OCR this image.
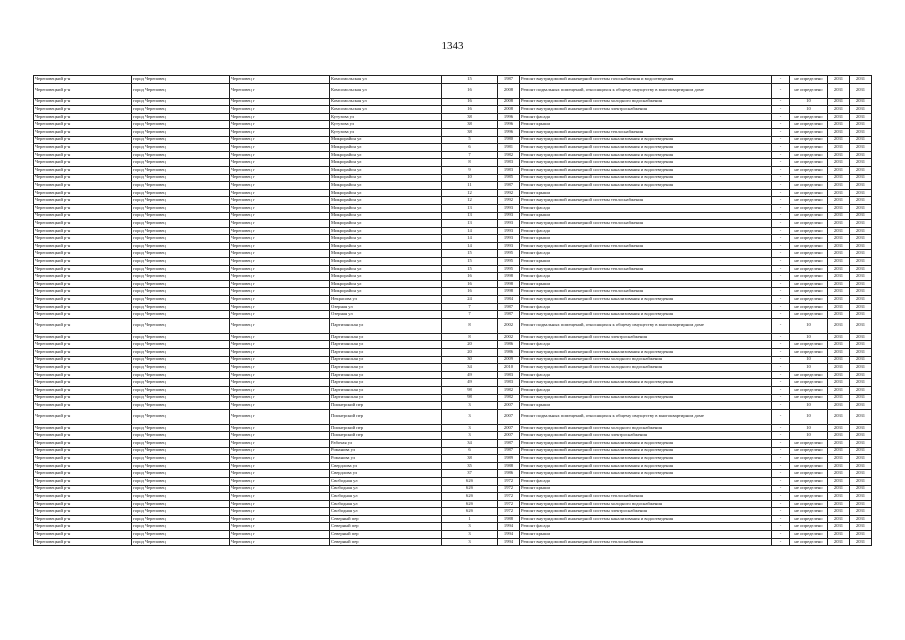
1343
Череповецкий р-н	город Череповец	Череповец г	Комсомольская ул	15	1987	Ремонт внутридомовой инженерной системы газоснабжения и водоотведения	-	не определено	2031	2031
Череповецкий р-н	город Череповец	Череповец г	Комсомольская ул	16	2008	Ремонт подвальных помещений, относящихся к общему имуществу в многоквартирном доме	-	не определено	2031	2031
Череповецкий р-н	город Череповец	Череповец г	Комсомольская ул	16	2008	Ремонт внутридомовой инженерной системы холодного водоснабжения	-	10	2031	2031
Череповецкий р-н	город Череповец	Череповец г	Комсомольская ул	16	2008	Ремонт внутридомовой инженерной системы электроснабжения	-	10	2031	2031
Череповецкий р-н	город Череповец	Череповец г	Кутузова ул	38	1996	Ремонт фасада	-	не определено	2031	2031
Череповецкий р-н	город Череповец	Череповец г	Кутузова ул	38	1996	Ремонт крыши	-	не определено	2031	2031
Череповецкий р-н	город Череповец	Череповец г	Кутузова ул	38	1996	Ремонт внутридомовой инженерной системы теплоснабжения	-	не определено	2031	2031
Череповецкий р-н	город Череповец	Череповец г	Микрорайон ул	5	1980	Ремонт внутридомовой инженерной системы канализования и водоотведения	-	не определено	2031	2031
Череповецкий р-н	город Череповец	Череповец г	Микрорайон ул	6	1981	Ремонт внутридомовой инженерной системы канализования и водоотведения	-	не определено	2031	2031
Череповецкий р-н	город Череповец	Череповец г	Микрорайон ул	7	1982	Ремонт внутридомовой инженерной системы канализования и водоотведения	-	не определено	2031	2031
Череповецкий р-н	город Череповец	Череповец г	Микрорайон ул	8	1983	Ремонт внутридомовой инженерной системы канализования и водоотведения	-	не определено	2031	2031
Череповецкий р-н	город Череповец	Череповец г	Микрорайон ул	9	1983	Ремонт внутридомовой инженерной системы канализования и водоотведения	-	не определено	2031	2031
Череповецкий р-н	город Череповец	Череповец г	Микрорайон ул	10	1985	Ремонт внутридомовой инженерной системы канализования и водоотведения	-	не определено	2031	2031
Череповецкий р-н	город Череповец	Череповец г	Микрорайон ул	11	1987	Ремонт внутридомовой инженерной системы канализования и водоотведения	-	не определено	2031	2031
Череповецкий р-н	город Череповец	Череповец г	Микрорайон ул	12	1992	Ремонт крыши	-	не определено	2031	2031
Череповецкий р-н	город Череповец	Череповец г	Микрорайон ул	12	1992	Ремонт внутридомовой инженерной системы теплоснабжения	-	не определено	2031	2031
Череповецкий р-н	город Череповец	Череповец г	Микрорайон ул	13	1993	Ремонт фасада	-	не определено	2031	2031
Череповецкий р-н	город Череповец	Череповец г	Микрорайон ул	13	1993	Ремонт крыши	-	не определено	2031	2031
Череповецкий р-н	город Череповец	Череповец г	Микрорайон ул	13	1993	Ремонт внутридомовой инженерной системы теплоснабжения	-	не определено	2031	2031
Череповецкий р-н	город Череповец	Череповец г	Микрорайон ул	14	1993	Ремонт фасада	-	не определено	2031	2031
Череповецкий р-н	город Череповец	Череповец г	Микрорайон ул	14	1993	Ремонт крыши	-	не определено	2031	2031
Череповецкий р-н	город Череповец	Череповец г	Микрорайон ул	14	1993	Ремонт внутридомовой инженерной системы теплоснабжения	-	не определено	2031	2031
Череповецкий р-н	город Череповец	Череповец г	Микрорайон ул	15	1995	Ремонт фасада	-	не определено	2031	2031
Череповецкий р-н	город Череповец	Череповец г	Микрорайон ул	15	1995	Ремонт крыши	-	не определено	2031	2031
Череповецкий р-н	город Череповец	Череповец г	Микрорайон ул	15	1995	Ремонт внутридомовой инженерной системы теплоснабжения	-	не определено	2031	2031
Череповецкий р-н	город Череповец	Череповец г	Микрорайон ул	16	1998	Ремонт фасада	-	не определено	2031	2031
Череповецкий р-н	город Череповец	Череповец г	Микрорайон ул	16	1998	Ремонт крыши	-	не определено	2031	2031
Череповецкий р-н	город Череповец	Череповец г	Микрорайон ул	16	1998	Ремонт внутридомовой инженерной системы теплоснабжения	-	не определено	2031	2031
Череповецкий р-н	город Череповец	Череповец г	Некрасова ул	24	1984	Ремонт внутридомовой инженерной системы канализования и водоотведения	-	не определено	2031	2031
Череповецкий р-н	город Череповец	Череповец г	Озерная ул	7	1987	Ремонт фасада	-	не определено	2031	2031
Череповецкий р-н	город Череповец	Череповец г	Озерная ул	7	1987	Ремонт внутридомовой инженерной системы канализования и водоотведения	-	не определено	2031	2031
Череповецкий р-н	город Череповец	Череповец г	Партизанская ул	8	2002	Ремонт подвальных помещений, относящихся к общему имуществу в многоквартирном доме	-	10	2031	2031
Череповецкий р-н	город Череповец	Череповец г	Партизанская ул	8	2002	Ремонт внутридомовой инженерной системы электроснабжения	-	10	2031	2031
Череповецкий р-н	город Череповец	Череповец г	Партизанская ул	20	1986	Ремонт фасада	-	не определено	2031	2031
Череповецкий р-н	город Череповец	Череповец г	Партизанская ул	20	1986	Ремонт внутридомовой инженерной системы канализования и водоотведения	-	не определено	2031	2031
Череповецкий р-н	город Череповец	Череповец г	Партизанская ул	30	2009	Ремонт внутридомовой инженерной системы холодного водоснабжения	-	10	2031	2031
Череповецкий р-н	город Череповец	Череповец г	Партизанская ул	34	2010	Ремонт внутридомовой инженерной системы холодного водоснабжения	-	10	2031	2031
Череповецкий р-н	город Череповец	Череповец г	Партизанская ул	49	1983	Ремонт фасада	-	не определено	2031	2031
Череповецкий р-н	город Череповец	Череповец г	Партизанская ул	49	1983	Ремонт внутридомовой инженерной системы канализования и водоотведения	-	не определено	2031	2031
Череповецкий р-н	город Череповец	Череповец г	Партизанская ул	98	1982	Ремонт фасада	-	не определено	2031	2031
Череповецкий р-н	город Череповец	Череповец г	Партизанская ул	98	1982	Ремонт внутридомовой инженерной системы канализования и водоотведения	-	не определено	2031	2031
Череповецкий р-н	город Череповец	Череповец г	Пионерский пер	3	2007	Ремонт крыши	-	10	2031	2031
Череповецкий р-н	город Череповец	Череповец г	Пионерский пер	3	2007	Ремонт подвальных помещений, относящихся к общему имуществу в многоквартирном доме	-	10	2031	2031
Череповецкий р-н	город Череповец	Череповец г	Пионерский пер	3	2007	Ремонт внутридомовой инженерной системы холодного водоснабжения	-	10	2031	2031
Череповецкий р-н	город Череповец	Череповец г	Пионерский пер	3	2007	Ремонт внутридомовой инженерной системы электроснабжения	-	10	2031	2031
Череповецкий р-н	город Череповец	Череповец г	Рабочая ул	34	1987	Ремонт внутридомовой инженерной системы канализования и водоотведения	-	не определено	2031	2031
Череповецкий р-н	город Череповец	Череповец г	Романова ул	6	1987	Ремонт внутридомовой инженерной системы канализования и водоотведения	-	не определено	2031	2031
Череповецкий р-н	город Череповец	Череповец г	Романова ул	38	1989	Ремонт внутридомовой инженерной системы канализования и водоотведения	-	не определено	2031	2031
Череповецкий р-н	город Череповец	Череповец г	Свердлова ул	35	1988	Ремонт внутридомовой инженерной системы канализования и водоотведения	-	не определено	2031	2031
Череповецкий р-н	город Череповец	Череповец г	Свердлова ул	37	1986	Ремонт внутридомовой инженерной системы канализования и водоотведения	-	не определено	2031	2031
Череповецкий р-н	город Череповец	Череповец г	Свободная ул	62б	1972	Ремонт фасада	-	не определено	2031	2031
Череповецкий р-н	город Череповец	Череповец г	Свободная ул	62б	1972	Ремонт крыши	-	не определено	2031	2031
Череповецкий р-н	город Череповец	Череповец г	Свободная ул	62б	1972	Ремонт внутридомовой инженерной системы теплоснабжения	-	не определено	2031	2031
Череповецкий р-н	город Череповец	Череповец г	Свободная ул	62б	1972	Ремонт внутридомовой инженерной системы холодного водоснабжения	-	не определено	2031	2031
Череповецкий р-н	город Череповец	Череповец г	Свободная ул	62б	1972	Ремонт внутридомовой инженерной системы электроснабжения	-	не определено	2031	2031
Череповецкий р-н	город Череповец	Череповец г	Северный пер	1	1988	Ремонт внутридомовой инженерной системы канализования и водоотведения	-	не определено	2031	2031
Череповецкий р-н	город Череповец	Череповец г	Северный пер	3	1994	Ремонт фасада	-	не определено	2031	2031
Череповецкий р-н	город Череповец	Череповец г	Северный пер	3	1994	Ремонт крыши	-	не определено	2031	2031
Череповецкий р-н	город Череповец	Череповец г	Северный пер	3	1994	Ремонт внутридомовой инженерной системы теплоснабжения	-	не определено	2031	2031
